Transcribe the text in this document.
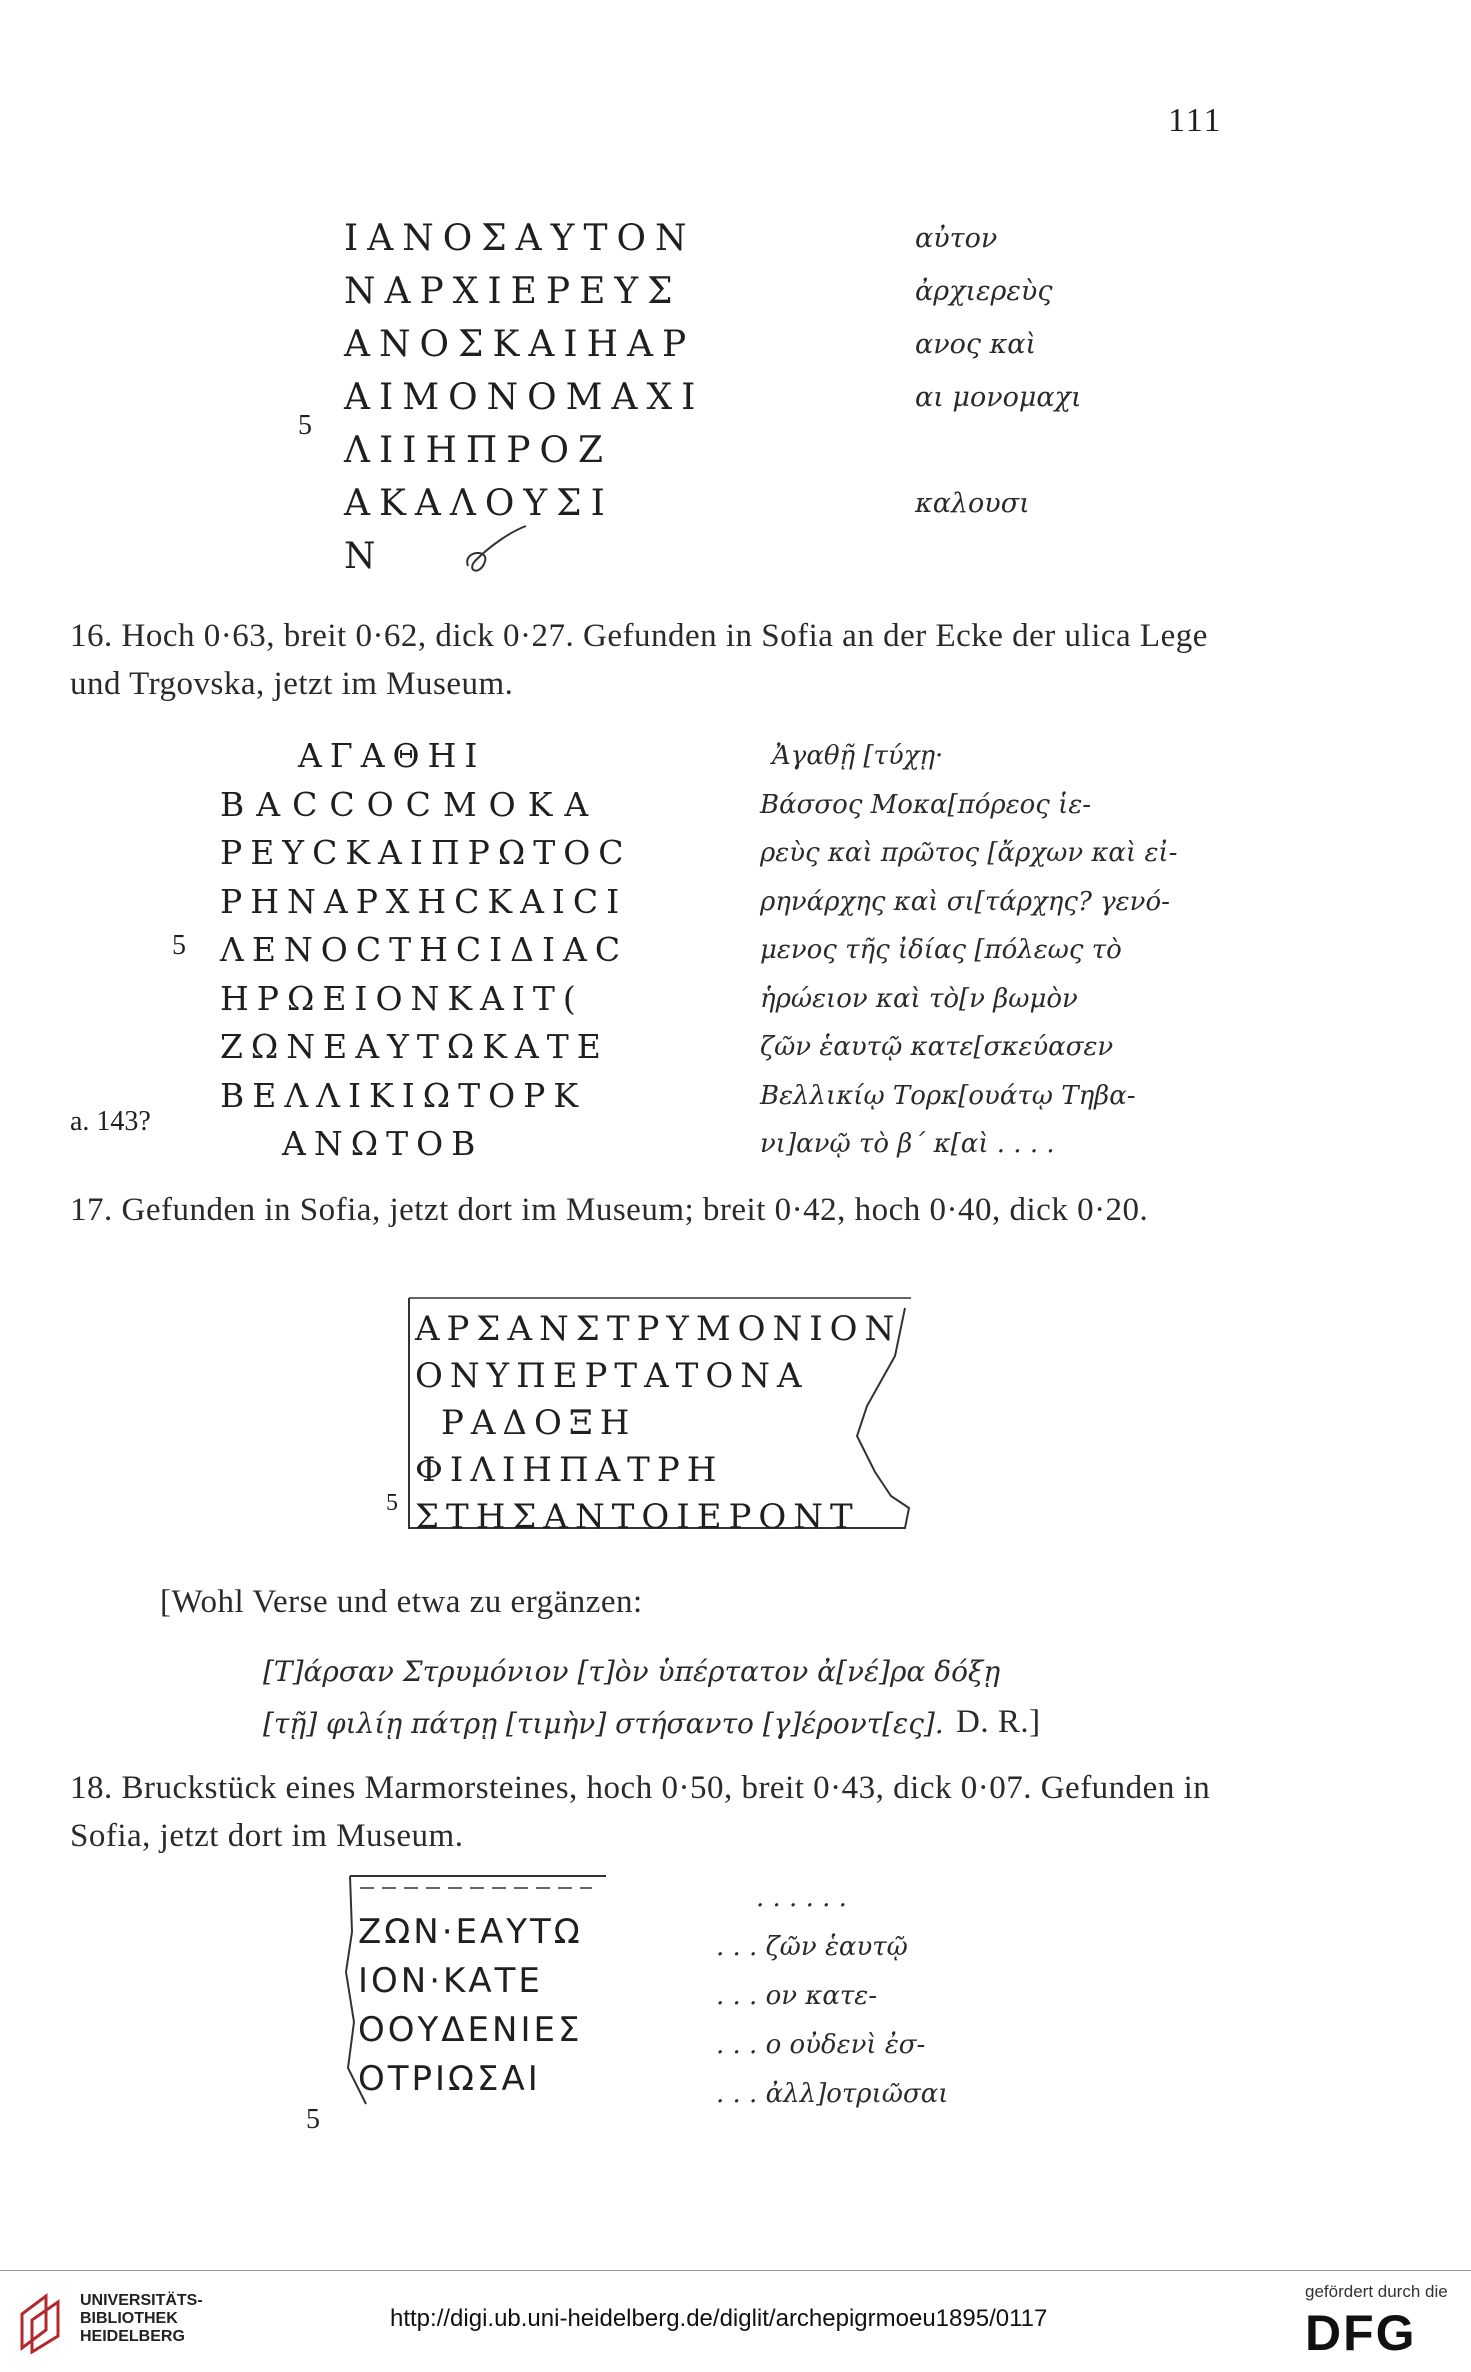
111
ΙΑΝΟΣΑΥΤΟΝ
ΝΑΡΧΙΕΡΕΥΣ
ΑΝΟΣΚΑΙΗΑΡ
ΑΙΜΟΝΟΜΑΧΙ
ΛΙΙΗΠΡΟΖ
ΑΚΑΛΟΥΣΙ
Ν
5
αὐτον
ἀρχιερεὺς
ανος καὶ
αι μονομαχι
καλουσι
16. Hoch 0·63, breit 0·62, dick 0·27. Gefunden in Sofia an der Ecke der ulica Lege und Trgovska, jetzt im Museum.
ΑΓΑΘΗΙ
ΒΑCCOCΜΟΚΑ
ΡΕΥCΚΑΙΠΡΩΤΟC
ΡΗΝΑΡΧΗCΚΑΙCΙ
ΛΕΝΟCΤΗCΙΔΙΑC
ΗΡΩΕΙΟΝΚΑΙΤ(
ΖΩΝΕΑΥΤΩΚΑΤΕ
ΒΕΛΛΙΚΙΩΤΟΡΚ
ΑΝΩΤΟΒ
5
a. 143?
Ἀγαθῇ [τύχῃ·
Βάσσος Μοκα[πόρεος ἱε-
ρεὺς καὶ πρῶτος [ἄρχων καὶ εἰ-
ρηνάρχης καὶ σι[τάρχης? γενό-
μενος τῆς ἰδίας [πόλεως τὸ
ἡρώειον καὶ τὸ[ν βωμὸν
ζῶν ἑαυτῷ κατε[σκεύασεν
Βελλικίῳ Τορκ[ουάτῳ Τηβα-
νι]ανῷ τὸ β΄ κ[αὶ . . . .
17. Gefunden in Sofia, jetzt dort im Museum; breit 0·42, hoch 0·40, dick 0·20.
ΑΡΣΑΝΣΤΡΥΜΟΝΙΟΝ
ΟΝΥΠΕΡΤΑΤΟΝΑ
ΡΑΔΟΞΗ
ΦΙΛΙΗΠΑΤΡΗ
ΣΤΗΣΑΝΤΟΙΕΡΟΝΤ
5
[Wohl Verse und etwa zu ergänzen:
[Τ]άρσαν Στρυμόνιον [τ]ὸν ὑπέρτατον ἀ[νέ]ρα δόξῃ
[τῇ] φιλίῃ πάτρῃ [τιμὴν] στήσαντο [γ]έροντ[ες]. D. R.]
18. Bruckstück eines Marmorsteines, hoch 0·50, breit 0·43, dick 0·07. Gefunden in Sofia, jetzt dort im Museum.
ΖΩΝ·ΕΑΥΤΩ
ΙΟΝ·ΚΑΤΕ
ΟΟΥΔΕΝΙΕΣ
ΟΤΡΙΩΣΑΙ
5
. . . . . .
. . . ζῶν ἑαυτῷ
. . . ον κατε-
. . . ο οὐδενὶ ἐσ-
. . . ἀλλ]οτριῶσαι
UNIVERSITÄTS-
BIBLIOTHEK
HEIDELBERG
http://digi.ub.uni-heidelberg.de/diglit/archepigrmoeu1895/0117
gefördert durch die
DFG
